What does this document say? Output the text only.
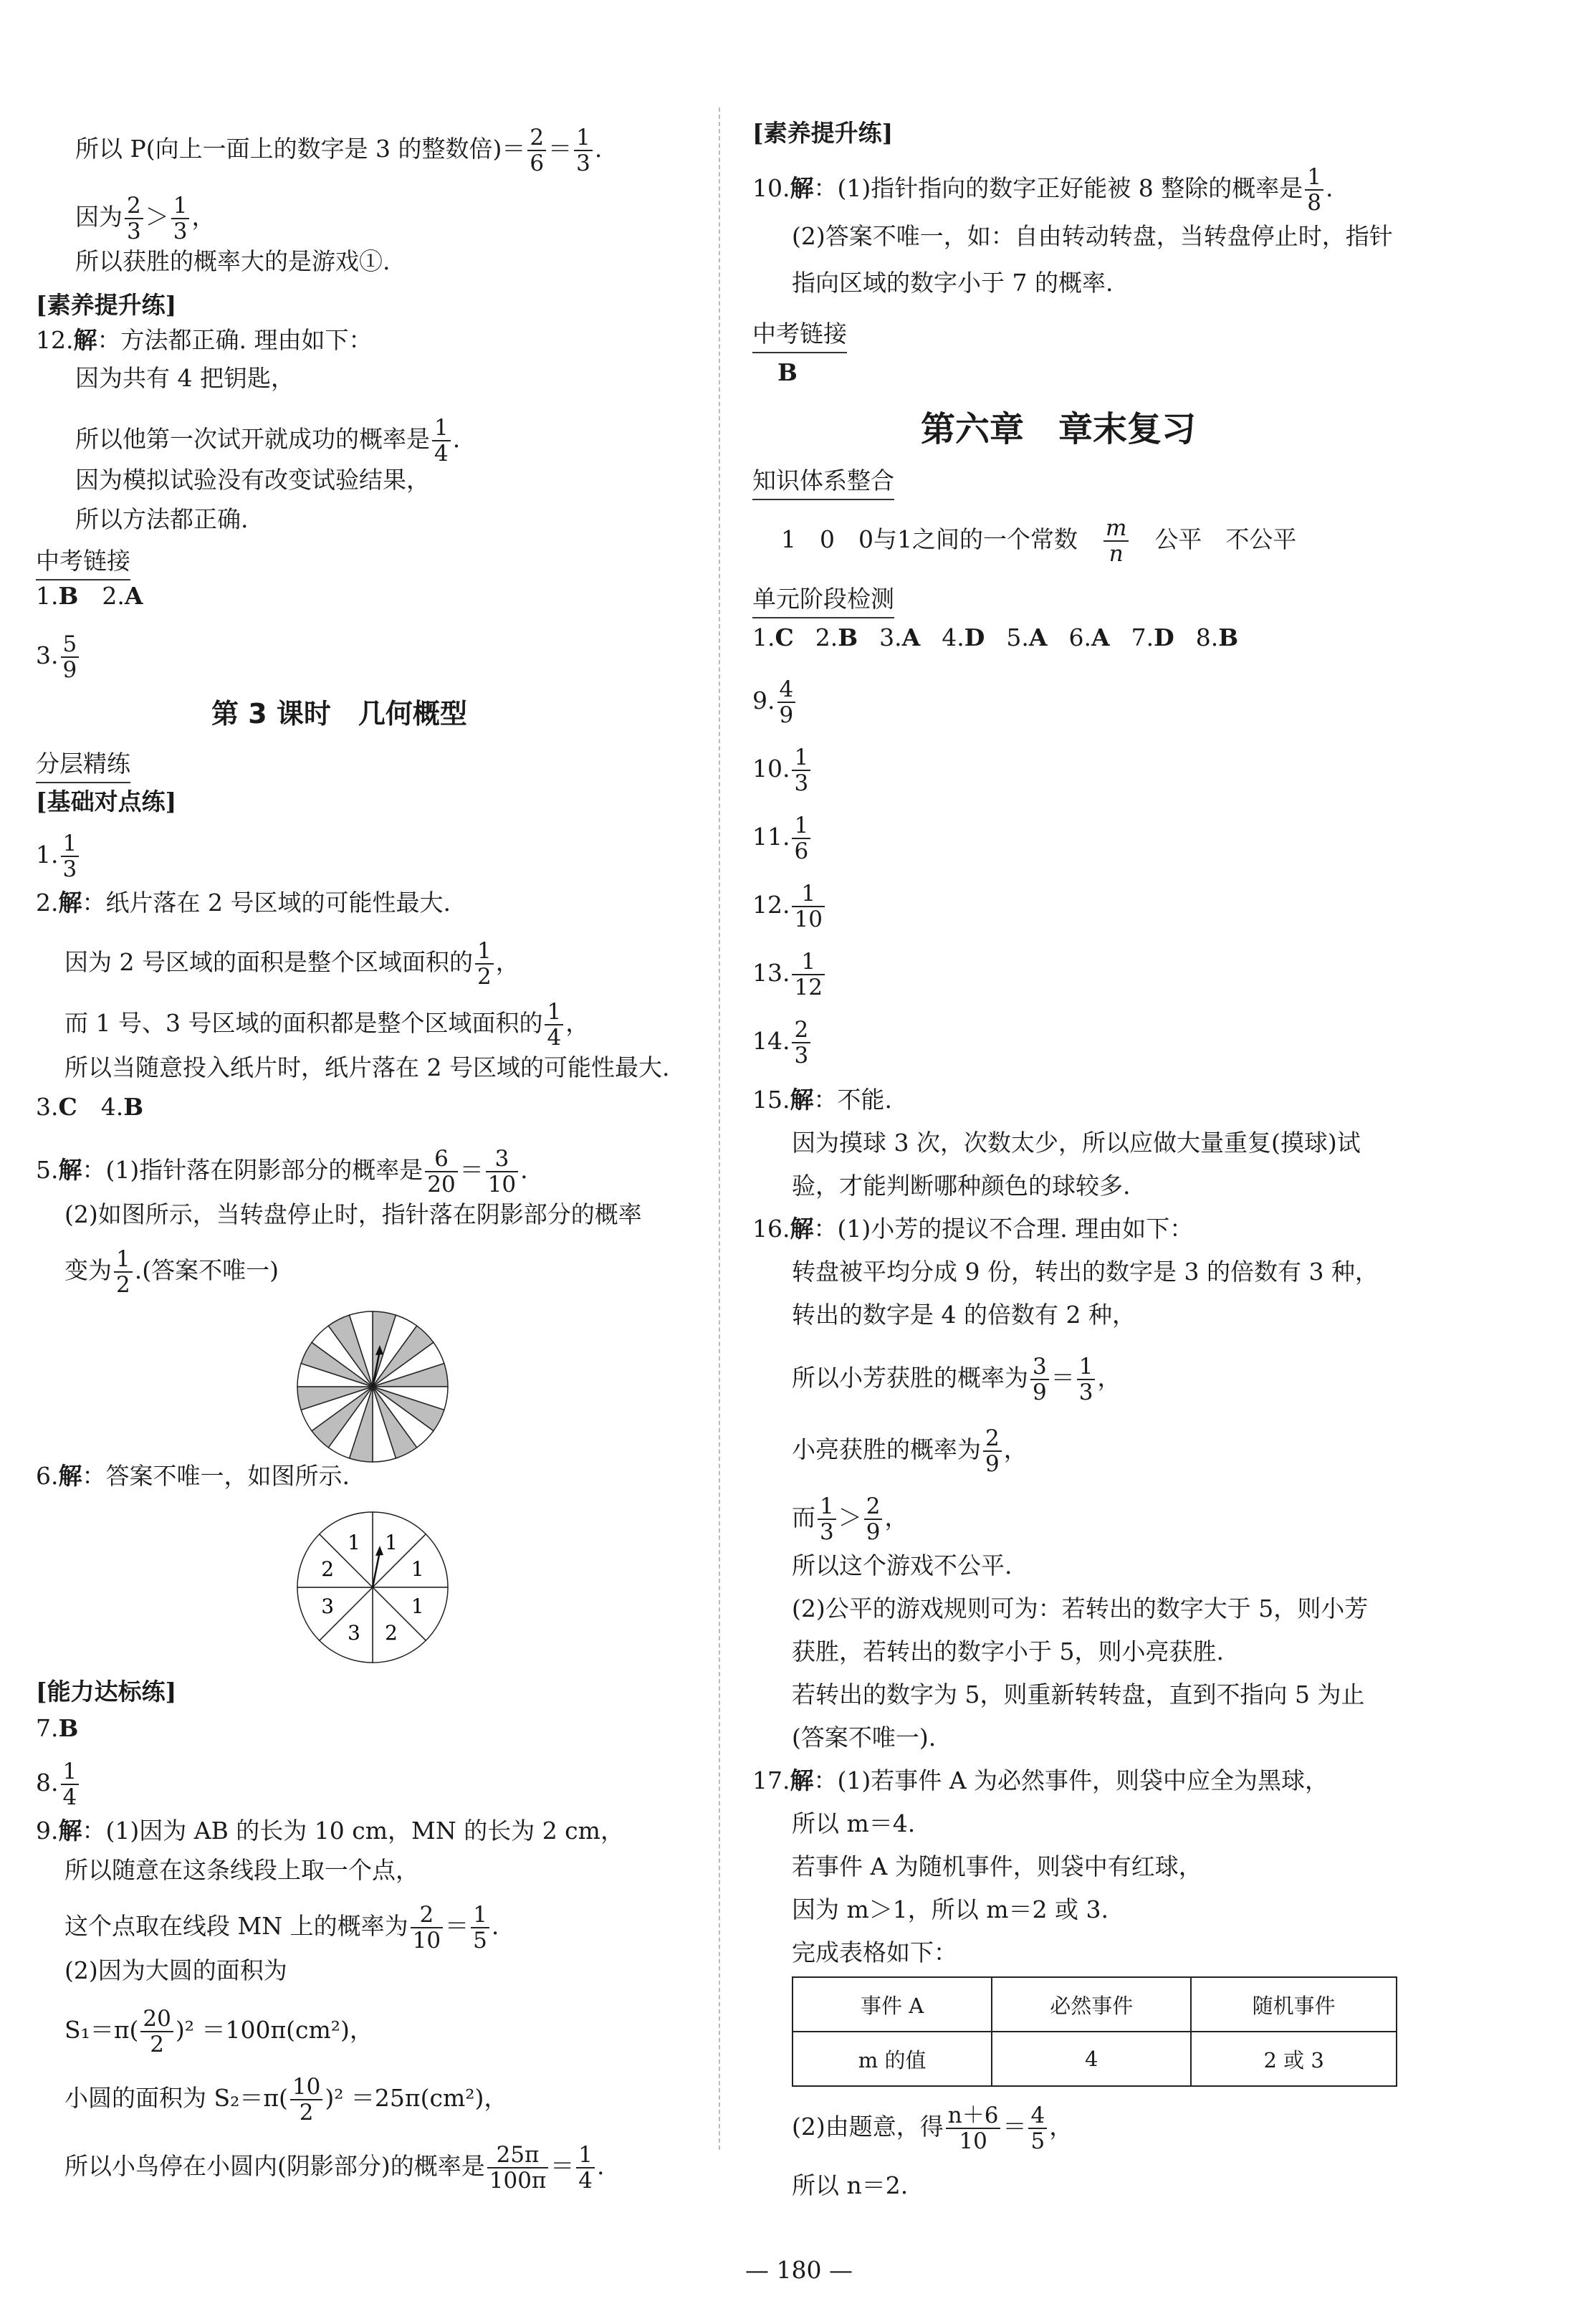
所以 P(向上一面上的数字是 3 的整数倍)＝ $\frac{2}{6} = \frac{1}{3}$ .
因为 $\frac{2}{3} > \frac{1}{3}$ ，
所以获胜的概率大的是游戏①.
[素养提升练]
12.解：方法都正确. 理由如下：
因为共有 4 把钥匙，
所以他第一次试开就成功的概率是 $\frac{1}{4}$ .
因为模拟试验没有改变试验结果，
所以方法都正确.
中考链接
1.B　 2.A
3. $\frac{5}{9}$
第 3 课时　几何概型
分层精练
[基础对点练]
1. $\frac{1}{3}$
2.解：纸片落在 2 号区域的可能性最大.
因为 2 号区域的面积是整个区域面积的 $\frac{1}{2}$ ，
而 1 号、3 号区域的面积都是整个区域面积的 $\frac{1}{4}$ ，
所以当随意投入纸片时，纸片落在 2 号区域的可能性最大.
3.C　 4.B
5.解：(1)指针落在阴影部分的概率是 $\frac{6}{20} = \frac{3}{10}$ .
(2)如图所示，当转盘停止时，指针落在阴影部分的概率
变为 $\frac{1}{2}$ .(答案不唯一)
6.解：答案不唯一，如图所示.
1
1
1
2
3
3
2
1
[能力达标练]
7.B
8. $\frac{1}{4}$
9.解：(1)因为 AB 的长为 10 cm，MN 的长为 2 cm，
所以随意在这条线段上取一个点，
这个点取在线段 MN 上的概率为 $\frac{2}{10} = \frac{1}{5}$ .
(2)因为大圆的面积为
$S_1=\pi( \frac{20}{2} )^2 =100\pi(cm^2)$，
小圆的面积为 $S_2=\pi( \frac{10}{2} )^2 =25\pi(cm^2)$，
所以小鸟停在小圆内(阴影部分)的概率是 $\frac{25\pi}{100\pi} = \frac{1}{4}$ .
[素养提升练]
10.解：(1)指针指向的数字正好能被 8 整除的概率是 $\frac{1}{8}$ .
(2)答案不唯一，如：自由转动转盘，当转盘停止时，指针
指向区域的数字小于 7 的概率.
中考链接
B
第六章　章末复习
知识体系整合
1　0　0与1之间的一个常数　 $\frac{m}{n}$
　 公平　不公平
单元阶段检测
1.C 2.B 3.A 4.D 5.A 6.A 7.D 8.B
9. $\frac{4}{9}$
10. $\frac{1}{3}$
11. $\frac{1}{6}$
12. $\frac{1}{10}$
13. $\frac{1}{12}$
14. $\frac{2}{3}$
15.解：不能.
因为摸球 3 次，次数太少，所以应做大量重复(摸球)试
验，才能判断哪种颜色的球较多.
16.解：(1)小芳的提议不合理. 理由如下：
转盘被平均分成 9 份，转出的数字是 3 的倍数有 3 种，
转出的数字是 4 的倍数有 2 种，
所以小芳获胜的概率为 $\frac{3}{9} = \frac{1}{3}$ ，
小亮获胜的概率为 $\frac{2}{9}$ ，
而 $\frac{1}{3} > \frac{2}{9}$ ，
所以这个游戏不公平.
(2)公平的游戏规则可为：若转出的数字大于 5，则小芳
获胜，若转出的数字小于 5，则小亮获胜.
若转出的数字为 5，则重新转转盘，直到不指向 5 为止
(答案不唯一).
17.解：(1)若事件 A 为必然事件，则袋中应全为黑球，
所以 m＝4.
若事件 A 为随机事件，则袋中有红球，
因为 m＞1，所以 m＝2 或 3.
完成表格如下：
事件 A	必然事件	随机事件
m 的值	4	2 或 3
(2)由题意，得 $\frac{n+6}{10} = \frac{4}{5}$ ，
所以 n＝2.
— 180 —
